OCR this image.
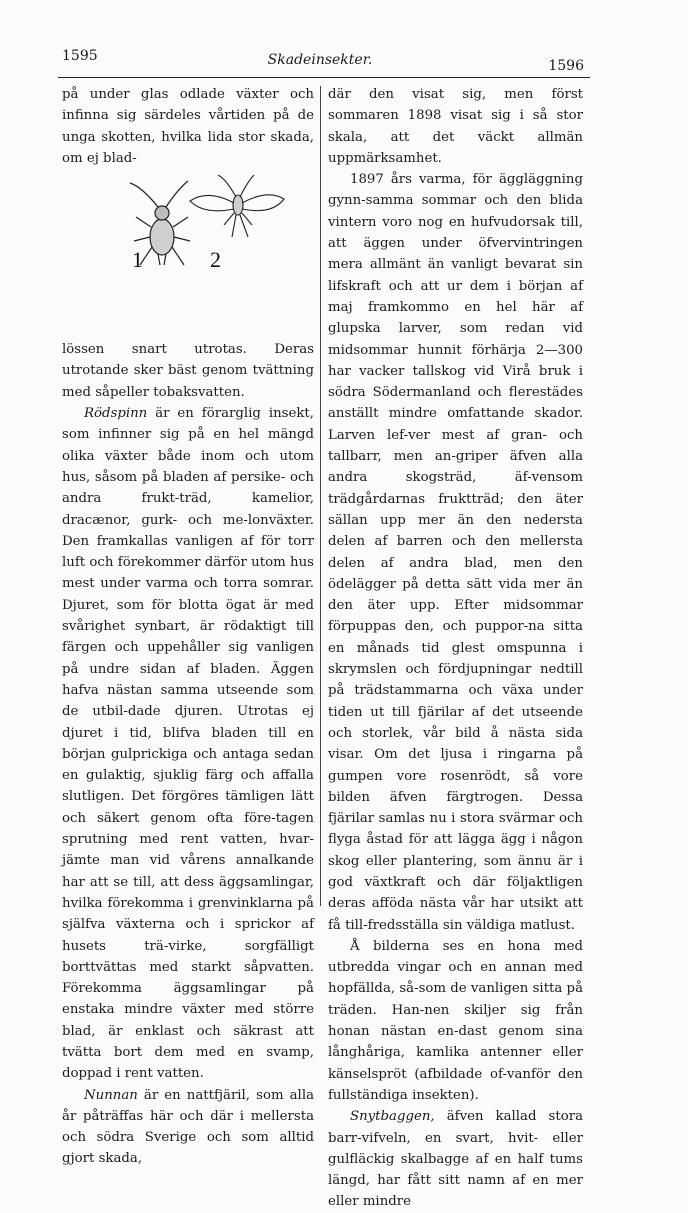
1595	Skadeinsekter.	1596

på under glas odlade växter och infinna sig särdeles vårtiden på de unga skotten, hvilka lida stor skada, om ej blad-

1	2

lössen snart utrotas. Deras utrotande sker bäst genom tvättning med såpeller tobaksvatten.

Rödspinn är en förarglig insekt, som infinner sig på en hel mängd olika växter både inom och utom hus, såsom på bladen af persike- och andra frukt-träd, kamelior, dracænor, gurk- och me-lonväxter. Den framkallas vanligen af för torr luft och förekommer därför utom hus mest under varma och torra somrar. Djuret, som för blotta ögat är med svårighet synbart, är rödaktigt till färgen och uppehåller sig vanligen på undre sidan af bladen. Äggen hafva nästan samma utseende som de utbil-dade djuren. Utrotas ej djuret i tid, blifva bladen till en början gulprickiga och antaga sedan en gulaktig, sjuklig färg och affalla slutligen. Det förgöres tämligen lätt och säkert genom ofta före-tagen sprutning med rent vatten, hvar-jämte man vid vårens annalkande har att se till, att dess äggsamlingar, hvilka förekomma i grenvinklarna på själfva växterna och i sprickor af husets trä-virke, sorgfälligt borttvättas med starkt såpvatten. Förekomma äggsamlingar på enstaka mindre växter med större blad, är enklast och säkrast att tvätta bort dem med en svamp, doppad i rent vatten.

Nunnan är en nattfjäril, som alla år påträffas här och där i mellersta och södra Sverige och som alltid gjort skada,

där den visat sig, men först sommaren 1898 visat sig i så stor skala, att det väckt allmän uppmärksamhet.

1897 års varma, för äggläggning gynn-samma sommar och den blida vintern voro nog en hufvudorsak till, att äggen under öfvervintringen mera allmänt än vanligt bevarat sin lifskraft och att ur dem i början af maj framkommo en hel här af glupska larver, som redan vid midsommar hunnit förhärja 2—300 har vacker tallskog vid Virå bruk i södra Södermanland och flerestädes anställt mindre omfattande skador. Larven lef-ver mest af gran- och tallbarr, men an-griper äfven alla andra skogsträd, äf-vensom trädgårdarnas fruktträd; den äter sällan upp mer än den nedersta delen af barren och den mellersta delen af andra blad, men den ödelägger på detta sätt vida mer än den äter upp. Efter midsommar förpuppas den, och puppor-na sitta en månads tid glest omspunna i skrymslen och fördjupningar nedtill på trädstammarna och växa under tiden ut till fjärilar af det utseende och storlek, vår bild å nästa sida visar. Om det ljusa i ringarna på gumpen vore rosenrödt, så vore bilden äfven färgtrogen. Dessa fjärilar samlas nu i stora svärmar och flyga åstad för att lägga ägg i någon skog eller plantering, som ännu är i god växtkraft och där följaktligen deras afföda nästa vår har utsikt att få till-fredsställa sin väldiga matlust.

Å bilderna ses en hona med utbredda vingar och en annan med hopfällda, så-som de vanligen sitta på träden. Han-nen skiljer sig från honan nästan en-dast genom sina långhåriga, kamlika antenner eller känselspröt (afbildade of-vanför den fullständiga insekten).

Snytbaggen, äfven kallad stora barr-vifveln, en svart, hvit- eller gulfläckig skalbagge af en half tums längd, har fått sitt namn af en mer eller mindre
